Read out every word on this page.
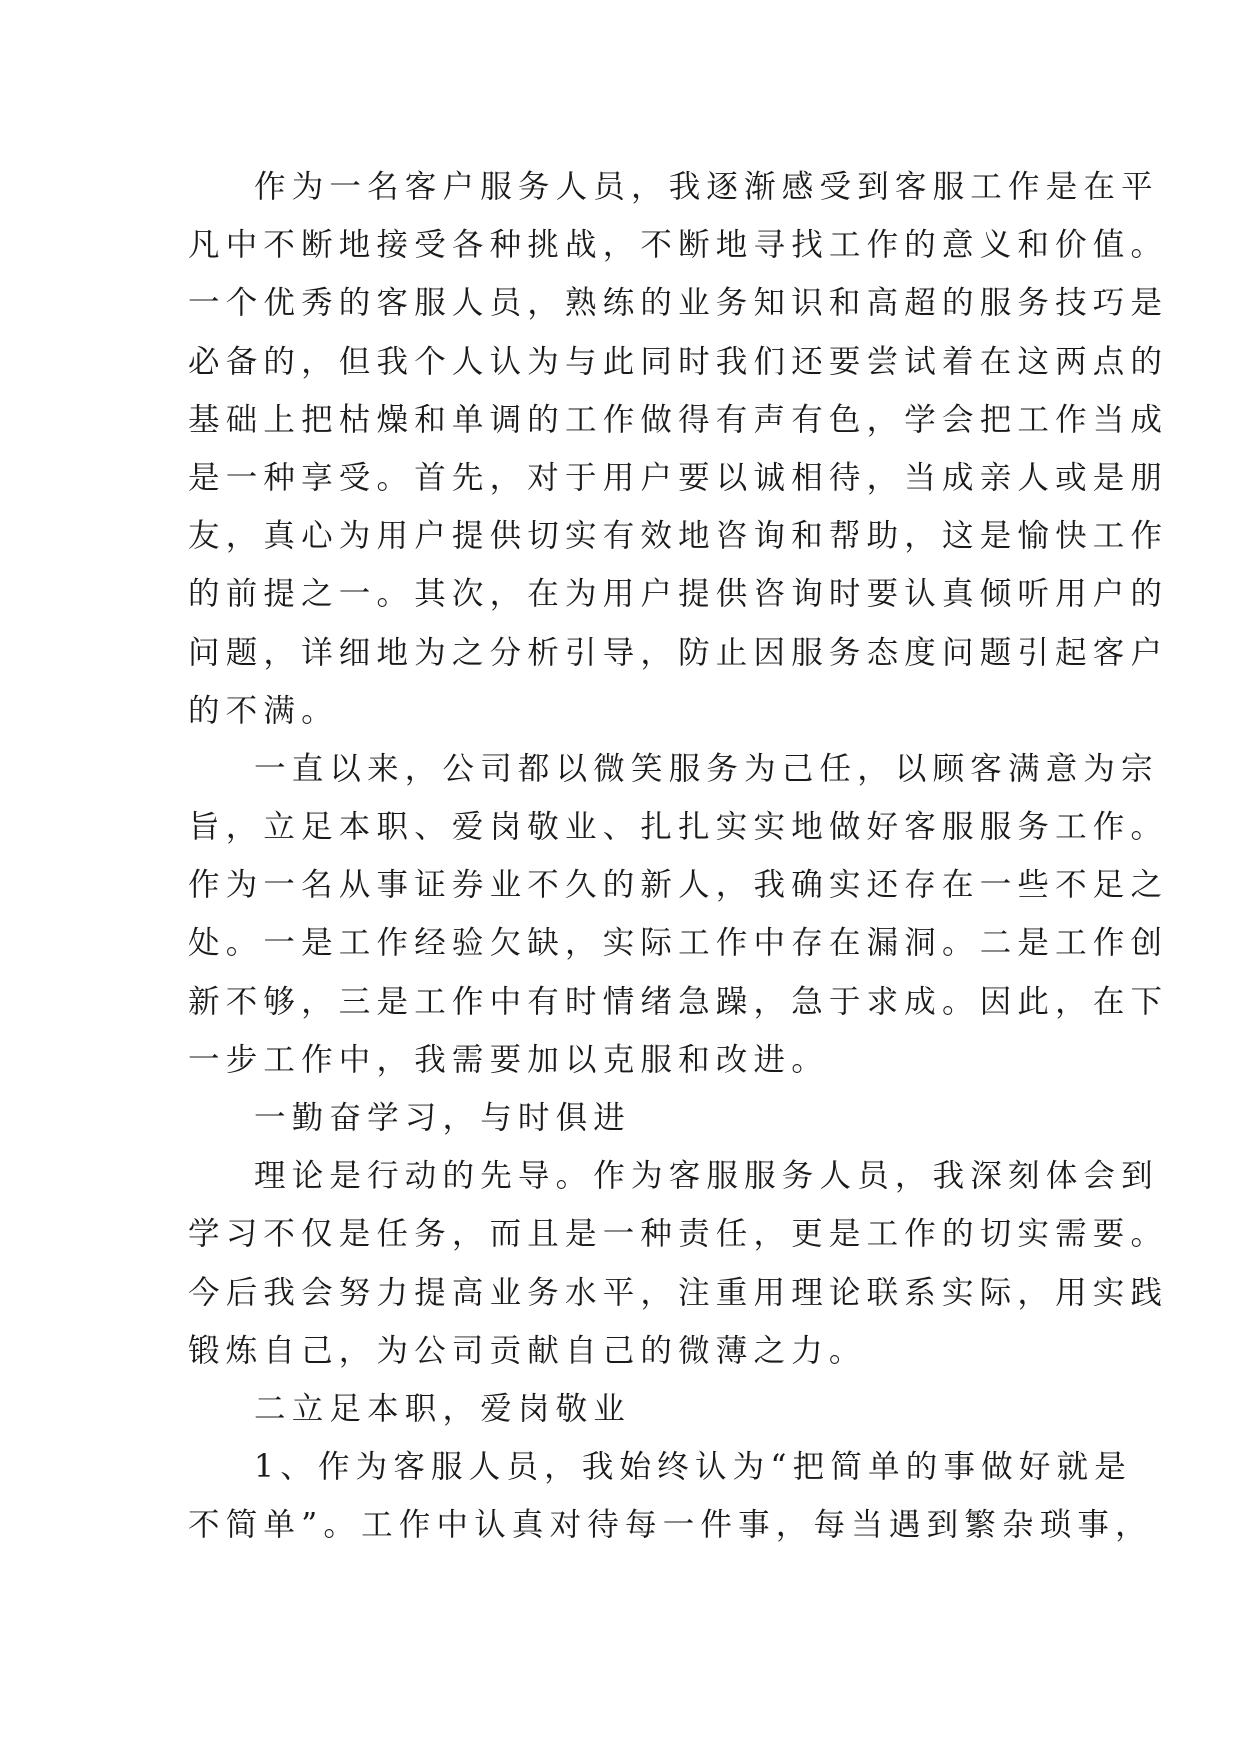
作为一名客户服务人员，我逐渐感受到客服工作是在平
凡中不断地接受各种挑战，不断地寻找工作的意义和价值。
一个优秀的客服人员，熟练的业务知识和高超的服务技巧是
必备的，但我个人认为与此同时我们还要尝试着在这两点的
基础上把枯燥和单调的工作做得有声有色，学会把工作当成
是一种享受。首先，对于用户要以诚相待，当成亲人或是朋
友，真心为用户提供切实有效地咨询和帮助，这是愉快工作
的前提之一。其次，在为用户提供咨询时要认真倾听用户的
问题，详细地为之分析引导，防止因服务态度问题引起客户
的不满。
一直以来，公司都以微笑服务为己任，以顾客满意为宗
旨，立足本职、爱岗敬业、扎扎实实地做好客服服务工作。
作为一名从事证券业不久的新人，我确实还存在一些不足之
处。一是工作经验欠缺，实际工作中存在漏洞。二是工作创
新不够，三是工作中有时情绪急躁，急于求成。因此，在下
一步工作中，我需要加以克服和改进。
一勤奋学习，与时俱进
理论是行动的先导。作为客服服务人员，我深刻体会到
学习不仅是任务，而且是一种责任，更是工作的切实需要。
今后我会努力提高业务水平，注重用理论联系实际，用实践
锻炼自己，为公司贡献自己的微薄之力。
二立足本职，爱岗敬业
1、作为客服人员，我始终认为“把简单的事做好就是
不简单”。工作中认真对待每一件事，每当遇到繁杂琐事，
